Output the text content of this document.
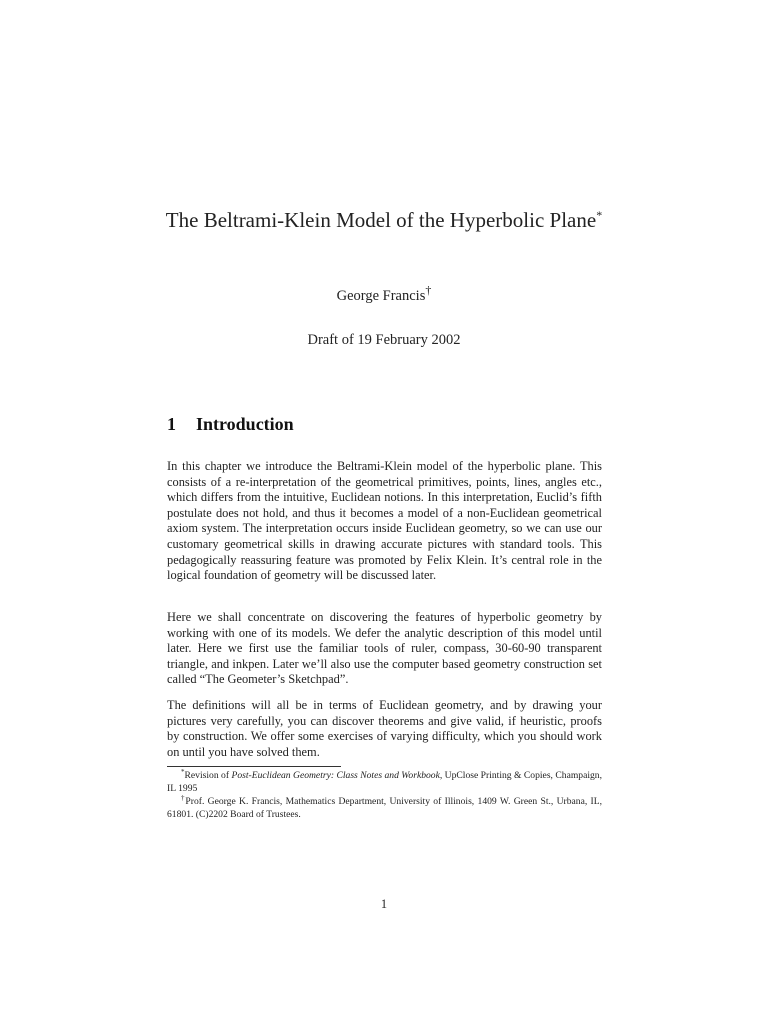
The Beltrami-Klein Model of the Hyperbolic Plane*
George Francis†
Draft of 19 February 2002
1 Introduction
In this chapter we introduce the Beltrami-Klein model of the hyperbolic plane. This consists of a re-interpretation of the geometrical primitives, points, lines, angles etc., which differs from the intuitive, Euclidean notions. In this interpretation, Euclid’s fifth postulate does not hold, and thus it becomes a model of a non-Euclidean geometrical axiom system. The interpretation occurs inside Euclidean geometry, so we can use our customary geometrical skills in drawing accurate pictures with standard tools. This pedagogically reassuring feature was promoted by Felix Klein. It’s central role in the logical foundation of geometry will be discussed later.
Here we shall concentrate on discovering the features of hyperbolic geometry by working with one of its models. We defer the analytic description of this model until later. Here we first use the familiar tools of ruler, compass, 30-60-90 transparent triangle, and inkpen. Later we’ll also use the computer based geometry construction set called “The Geometer’s Sketchpad”.
The definitions will all be in terms of Euclidean geometry, and by drawing your pictures very carefully, you can discover theorems and give valid, if heuristic, proofs by construction. We offer some exercises of varying difficulty, which you should work on until you have solved them.

*Revision of Post-Euclidean Geometry: Class Notes and Workbook, UpClose Printing & Copies, Champaign, IL 1995

†Prof. George K. Francis, Mathematics Department, University of Illinois, 1409 W. Green St., Urbana, IL, 61801. (C)2202 Board of Trustees.

1
